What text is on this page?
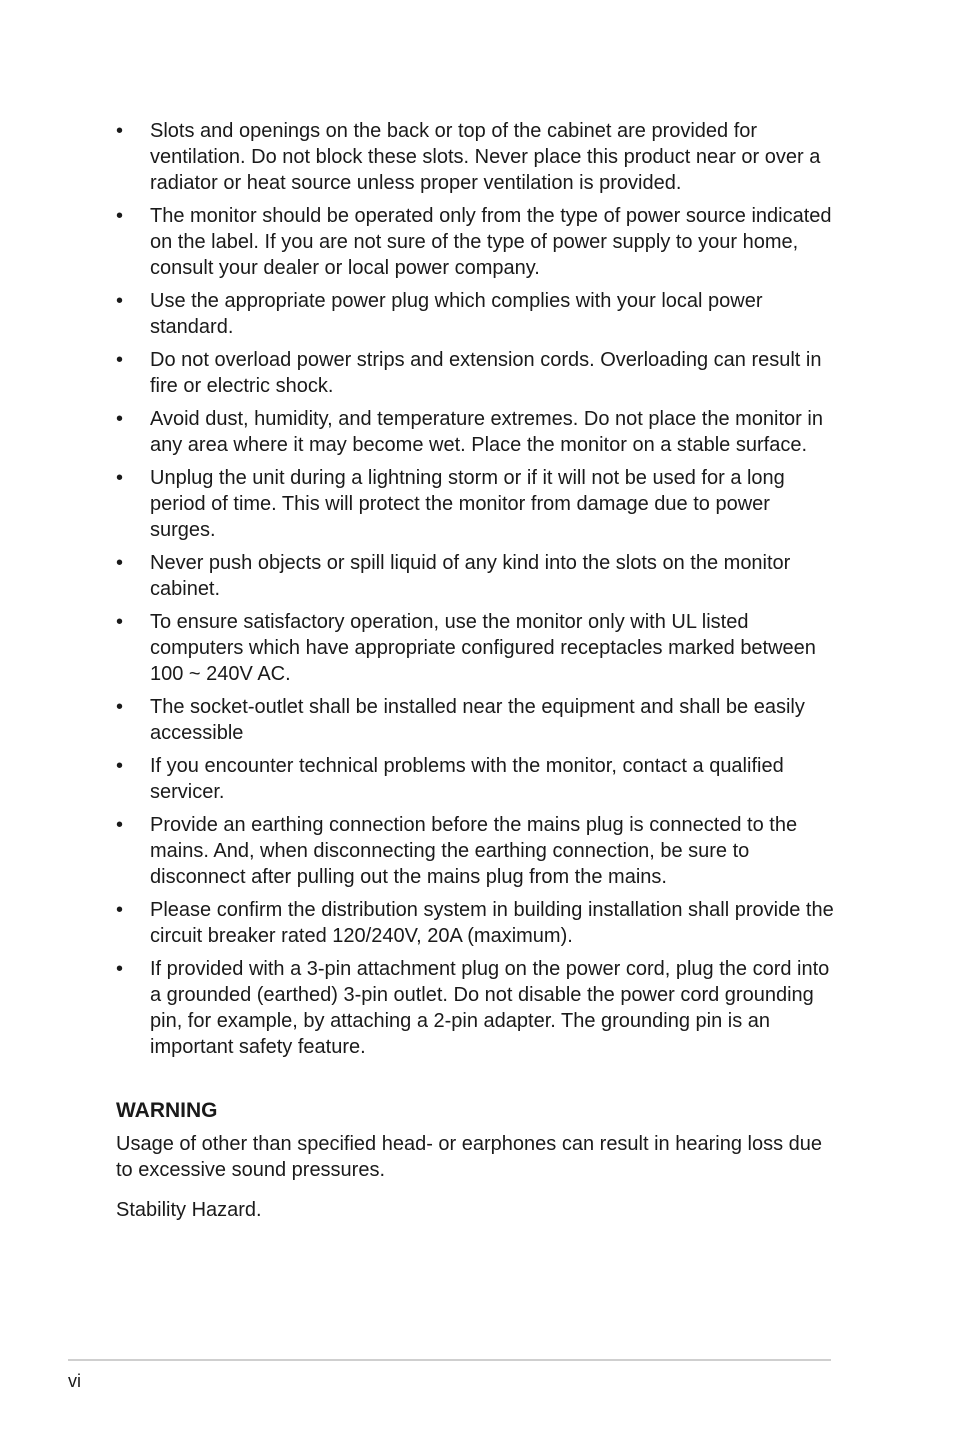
•	Slots and openings on the back or top of the cabinet are provided for ventilation. Do not block these slots. Never place this product near or over a radiator or heat source unless proper ventilation is provided.
•	The monitor should be operated only from the type of power source indicated on the label. If you are not sure of the type of power supply to your home, consult your dealer or local power company.
•	Use the appropriate power plug which complies with your local power standard.
•	Do not overload power strips and extension cords. Overloading can result in fire or electric shock.
•	Avoid dust, humidity, and temperature extremes. Do not place the monitor in any area where it may become wet. Place the monitor on a stable surface.
•	Unplug the unit during a lightning storm or if it will not be used for a long period of time. This will protect the monitor from damage due to power surges.
•	Never push objects or spill liquid of any kind into the slots on the monitor cabinet.
•	To ensure satisfactory operation, use the monitor only with UL listed computers which have appropriate configured receptacles marked between 100 ~ 240V AC.
•	The socket-outlet shall be installed near the equipment and shall be easily accessible
•	If you encounter technical problems with the monitor, contact a qualified servicer.
•	Provide an earthing connection before the mains plug is connected to the mains. And, when disconnecting the earthing connection, be sure to disconnect after pulling out the mains plug from the mains.
•	Please confirm the distribution system in building installation shall provide the circuit breaker rated 120/240V, 20A (maximum).
•	If provided with a 3-pin attachment plug on the power cord, plug the cord into a grounded (earthed) 3-pin outlet. Do not disable the power cord grounding pin, for example, by attaching a 2-pin adapter. The grounding pin is an important safety feature.
WARNING

Usage of other than specified head- or earphones can result in hearing loss due to excessive sound pressures.

Stability Hazard.

vi
